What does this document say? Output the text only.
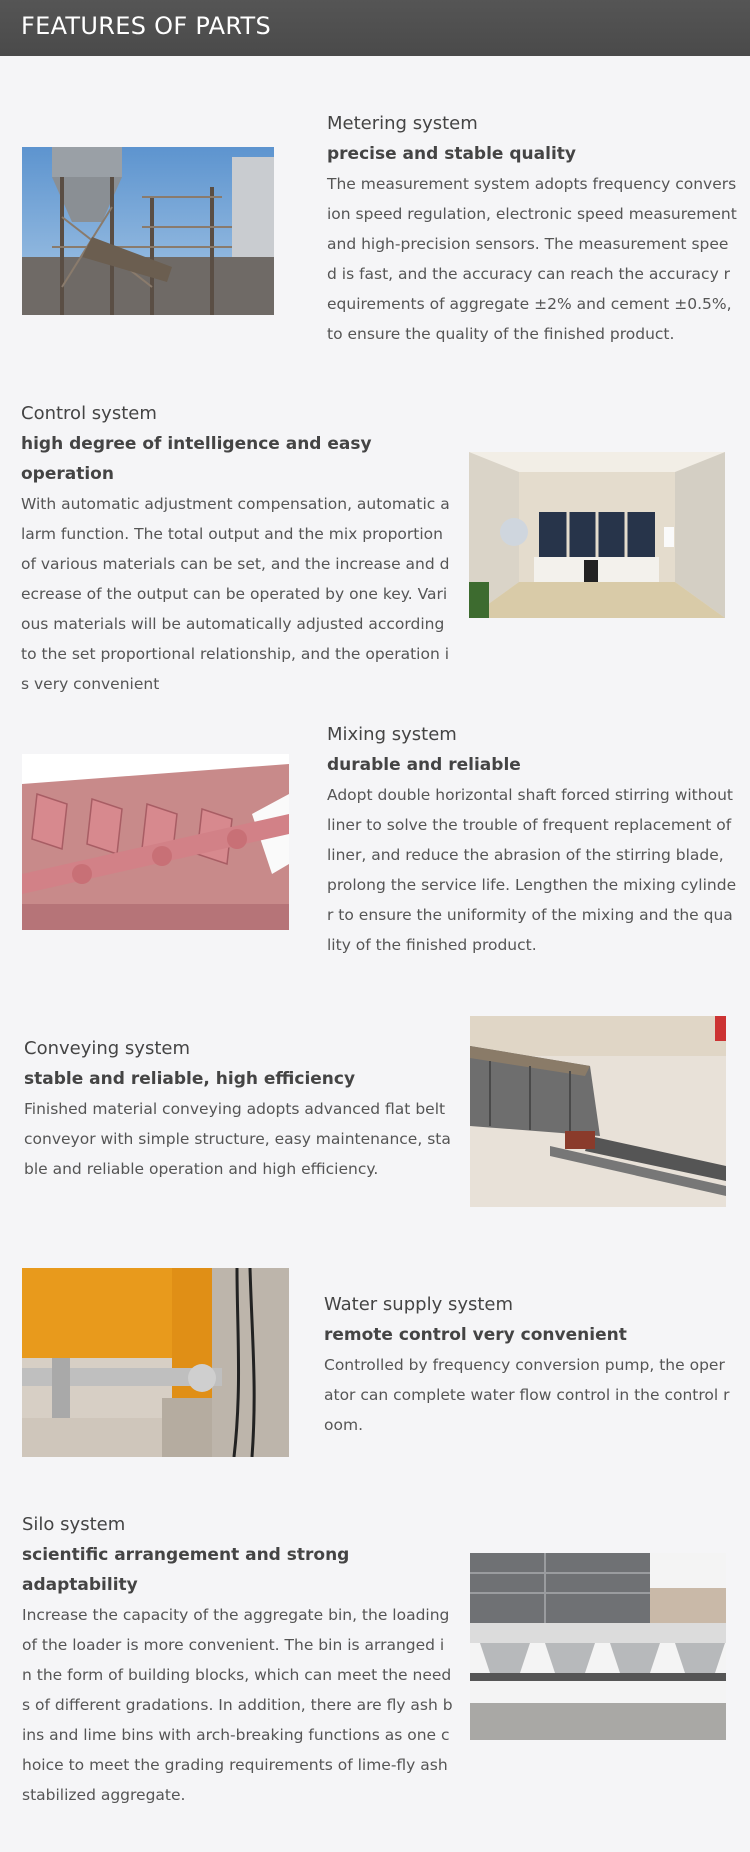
FEATURES OF PARTS
Metering system
precise and stable quality

The measurement system adopts frequency conversion speed regulation, electronic speed measurement and high-precision sensors. The measurement speed is fast, and the accuracy can reach the accuracy requirements of aggregate ±2% and cement ±0.5%, to ensure the quality of the finished product.

Control system
high degree of intelligence and easy operation

With automatic adjustment compensation, automatic alarm function. The total output and the mix proportion of various materials can be set, and the increase and decrease of the output can be operated by one key. Various materials will be automatically adjusted according to the set proportional relationship, and the operation is very convenient

Mixing system
durable and reliable

Adopt double horizontal shaft forced stirring without liner to solve the trouble of frequent replacement of liner, and reduce the abrasion of the stirring blade, prolong the service life. Lengthen the mixing cylinder to ensure the uniformity of the mixing and the quality of the finished product.

Conveying system
stable and reliable, high efficiency

Finished material conveying adopts advanced flat belt conveyor with simple structure, easy maintenance, stable and reliable operation and high efficiency.

Water supply system
remote control very convenient

Controlled by frequency conversion pump, the operator can complete water flow control in the control room.

Silo system
scientific arrangement and strong adaptability

Increase the capacity of the aggregate bin, the loading of the loader is more convenient. The bin is arranged in the form of building blocks, which can meet the needs of different gradations. In addition, there are fly ash bins and lime bins with arch-breaking functions as one choice to meet the grading requirements of lime-fly ash stabilized aggregate.
